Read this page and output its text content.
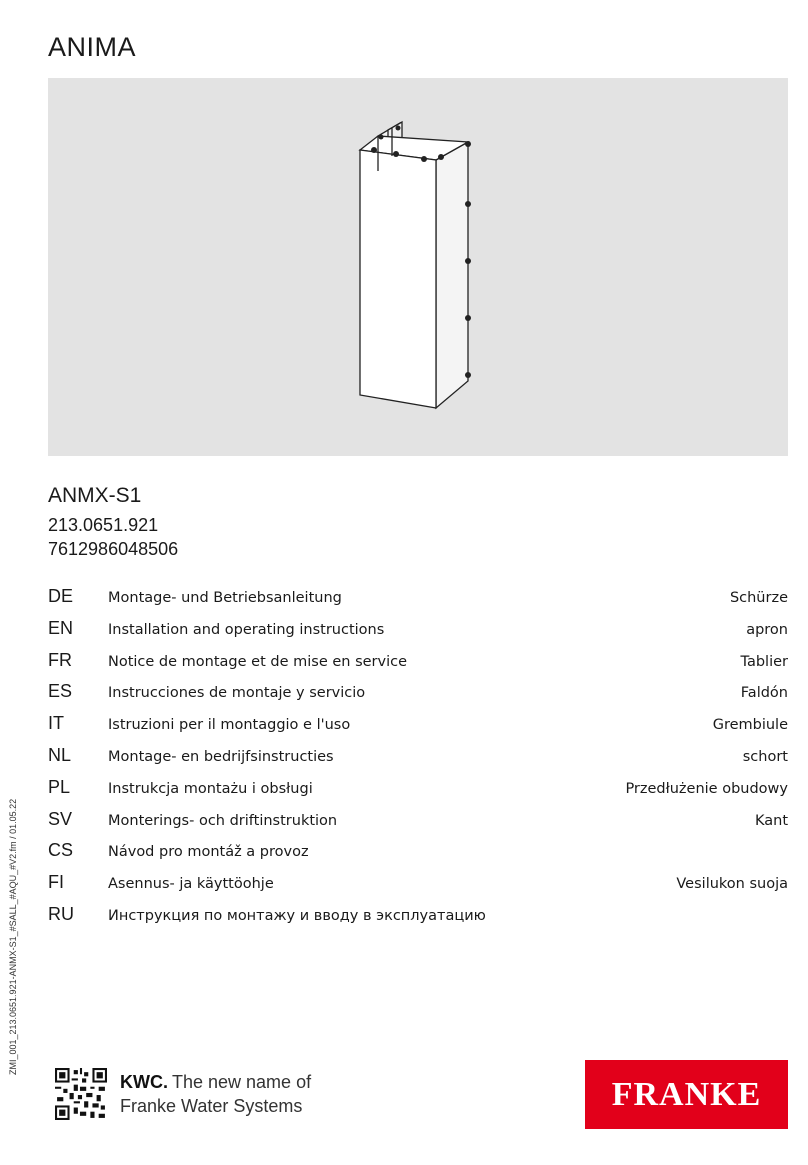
ANIMA

ANMX-S1

213.0651.921

7612986048506

DE	Montage- und Betriebsanleitung	Schürze
EN	Installation and operating instructions	apron
FR	Notice de montage et de mise en service	Tablier
ES	Instrucciones de montaje y servicio	Faldón
IT	Istruzioni per il montaggio e l'uso	Grembiule
NL	Montage- en bedrijfsinstructies	schort
PL	Instrukcja montażu i obsługi	Przedłużenie obudowy
SV	Monterings- och driftinstruktion	Kant
CS	Návod pro montáž a provoz
FI	Asennus- ja käyttöohje	Vesilukon suoja
RU	Инструкция по монтажу и вводу в эксплуатацию
ZMI_001_213.0651.921-ANMX-S1_#SALL_#AQU_#V2.fm / 01.05.22
KWC. The new name of
Franke Water Systems	FRANKE
